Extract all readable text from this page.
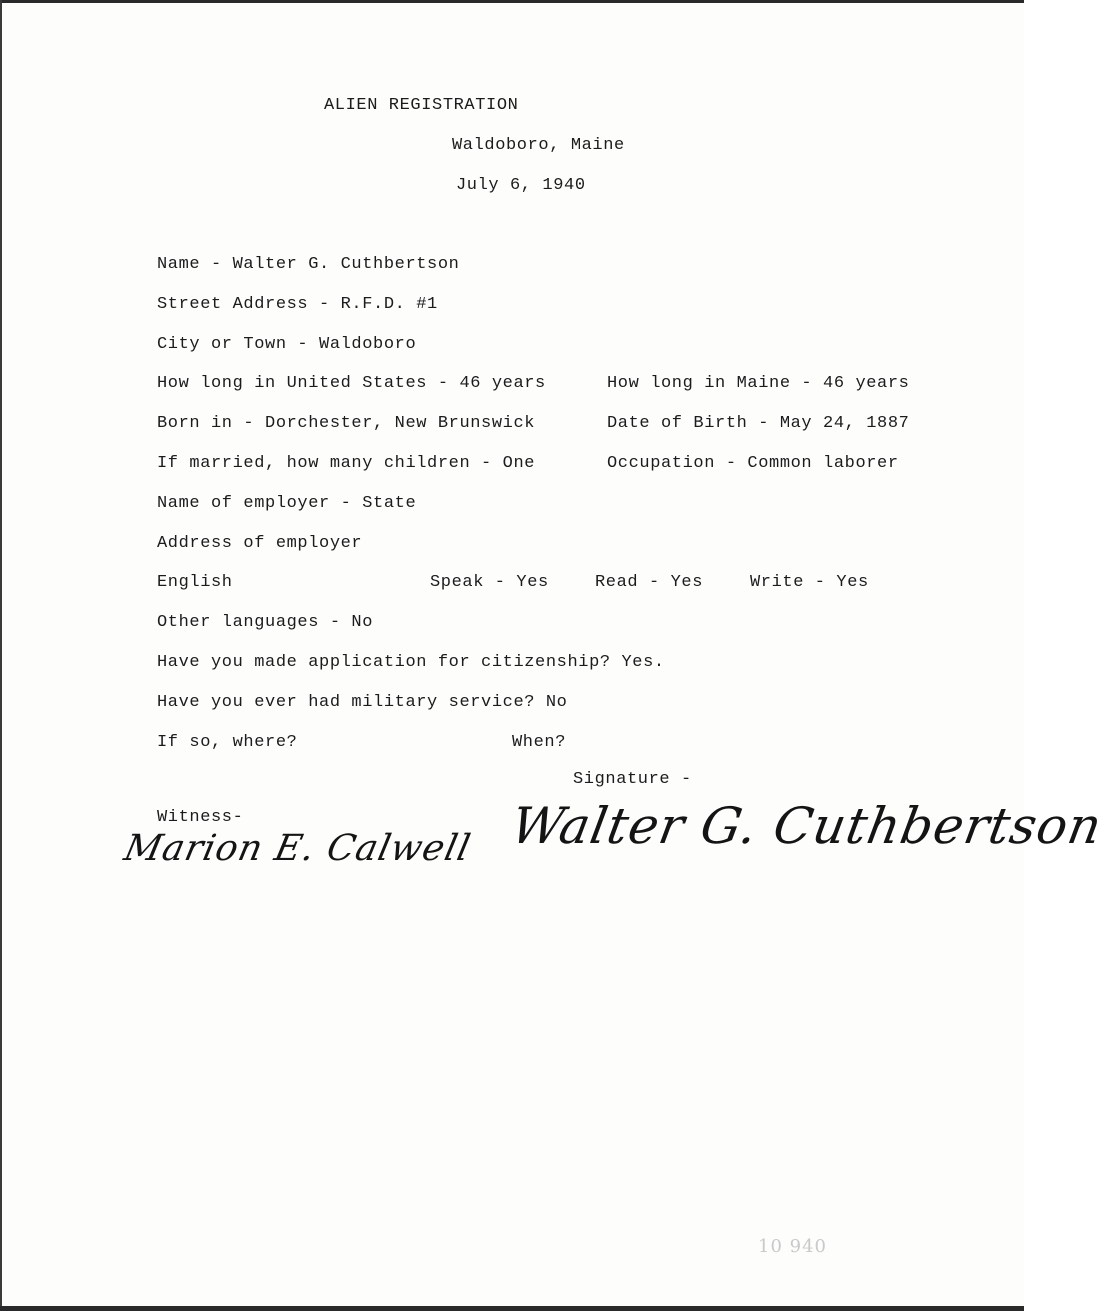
ALIEN REGISTRATION
Waldoboro, Maine
July 6, 1940
Name - Walter G. Cuthbertson
Street Address - R.F.D. #1
City or Town - Waldoboro
How long in United States - 46 years	How long in Maine - 46 years
Born in - Dorchester, New Brunswick	Date of Birth - May 24, 1887
If married, how many children - One	Occupation - Common laborer
Name of employer - State
Address of employer
English	Speak - Yes	Read - Yes	Write - Yes
Other languages - No
Have you made application for citizenship? Yes.
Have you ever had military service? No
If so, where?	When?
Signature -
Witness-
Marion E. Calwell Walter G. Cuthbertson
10 940
